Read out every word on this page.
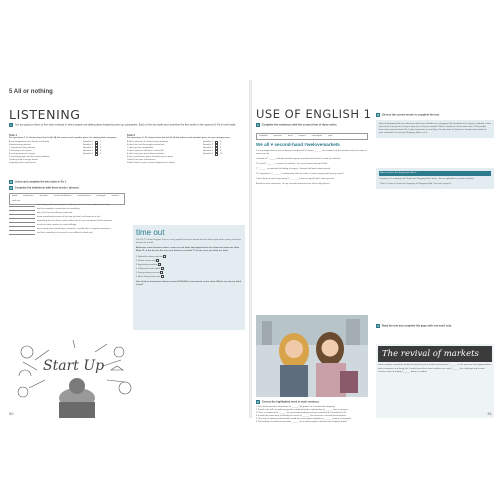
5 All or nothing
LISTENING
1 You are going to listen to five short extracts in which people are talking about beginning start up companies. Each of the two tasks and underline the key words in the options (A–H) in both tasks.
Task 1
For questions 1–5, choose from the list (A–H) the reason each speaker gives for starting their company.
A encouragement from friends and family	Speaker 1	1
B possessing priorities	Speaker 2	2
C experience living abroad	Speaker 3	3
D listening to an expert	Speaker 4	4
E raising money for charity	Speaker 5	5
F meeting people with the same problems
G talking with a foreign friend
H getting advice from peers
Task 2
For questions 6–10, choose from the list (A–H) the advice each speaker gives to new entrepreneurs.
A don't overreact to undeserving situations	Speaker 1	6
B don't shut out the people around you	Speaker 2	7
C don't get too comfortable	Speaker 3	8
D don't expect to still have a social life	Speaker 4	9
E don't worry too much about mistakes	Speaker 5	10
F don't avoid every piece of advice you're given
G don't lose your enthusiasm
H don't listen to your careers department's advice
2 Listen and complete the two tasks in Ex 1.
3 Complete the definitions with these words / phrases.
detail	endeavour	devotion	on the backburner	overwhelmed	prototype	wetaxis
walk out
not dealing with something for a while because it's not considered a priority
the first example or production of something
not at first for something in particular
know something because of the way you feel, not based on a fact
something that has been said so often that it's not considered useful anymore
accept an idea, opinion or event willingly
move away from something or someone, usually after a negative experience
feel that something is too much or too difficult to deal with	time out
The UK TV show Dragons' Den is a very popular business format that has been replicated in many countries all over the world.
Below are some business ideas, some are real ideas that appeared on the show and some are false. Write 'R' in the box for the ones you think are real and 'F' for the ones you think are false.
1 Umbrella renting machine
2 Phone mouse trap
3 Egg boiling machine
4 Collapsible water bottle
5 Dog grooming vacuum
6 Shoe sliding baby shoe
One of these businesses ideas received £160,000 in investment on the show. Which one do you think it was?
Start Up
50
USE OF ENGLISH 1
1 Complete the sentences with the correct form of these verbs.
establish	question	have	impose	investigate	take
We all ♥ second-hand #welovemarkets

Is it my imagination or are we being second-hand? It seems ______ the evidence of flea markets and junk shops, it seems we do.

I wanted to ² ______ attitude towards buying second-hand and here's what you told me.

'It's worth ³ ______ a chance on markets. You never know what you'll find.'

'I ⁴ ______ an aptitude for finding a bargain. I always find books down priced.'

'It's important to ⁵ ______ a relationship with the seller. It makes paying with money easier!'

'I don't have to watch my money! I ⁶ ______ a limit on myself and I never go over.'

Based on your comments, I'd say second-hand purchase all the right places!

2 Correct the highlighted word in each sentence.

1 The article provides information of ______ the growth of second-hand shopping.

2 People who sell second-hand goods usually develop a relationship of ______ their customers.

3 There is evidence for ______ an increasing tendency to buy second-hand at around the UK.

4 It would be interesting to identify the cause of ______ the increase in second-hand markets.

5 One way of obtaining information would be to investigate attitudes of ______ buying used goods.

6 The findings should be based with ______ facts about people's attitude and shopping habits.

3 Choose the correct words to complete the text.

Here at Shopping Hub we asked you about your attitudes to e-shopping. We decided not to ¹impose / identify a time limit on the survey, but to keep it open for as long as needed. What a response! So far more than 7,000 people have taken part and have ²hit / make comments on our blog. You only have to ³practise / examine the evidence, your comments, to see that Shopping Hub is a hit!

Here are just a few things you told us ...

'Commerce is evolving and I think that Shopping Hub ⁶takes / has an aptitude for creative thinking.'

'⁷Take / Create a chance on shopping at Shopping Hub. You won't regret it!'

4 Read the text and complete the gaps with one word only.
The revival of markets

Some analysts around the world are being forced to realise and increase ¹______ as the pressure from hypermarkets and e-commerce are being felt. It would seem that street vendors are rising ²______ the challenge and a more creative vision of trading ³______ failure is evident.

51
